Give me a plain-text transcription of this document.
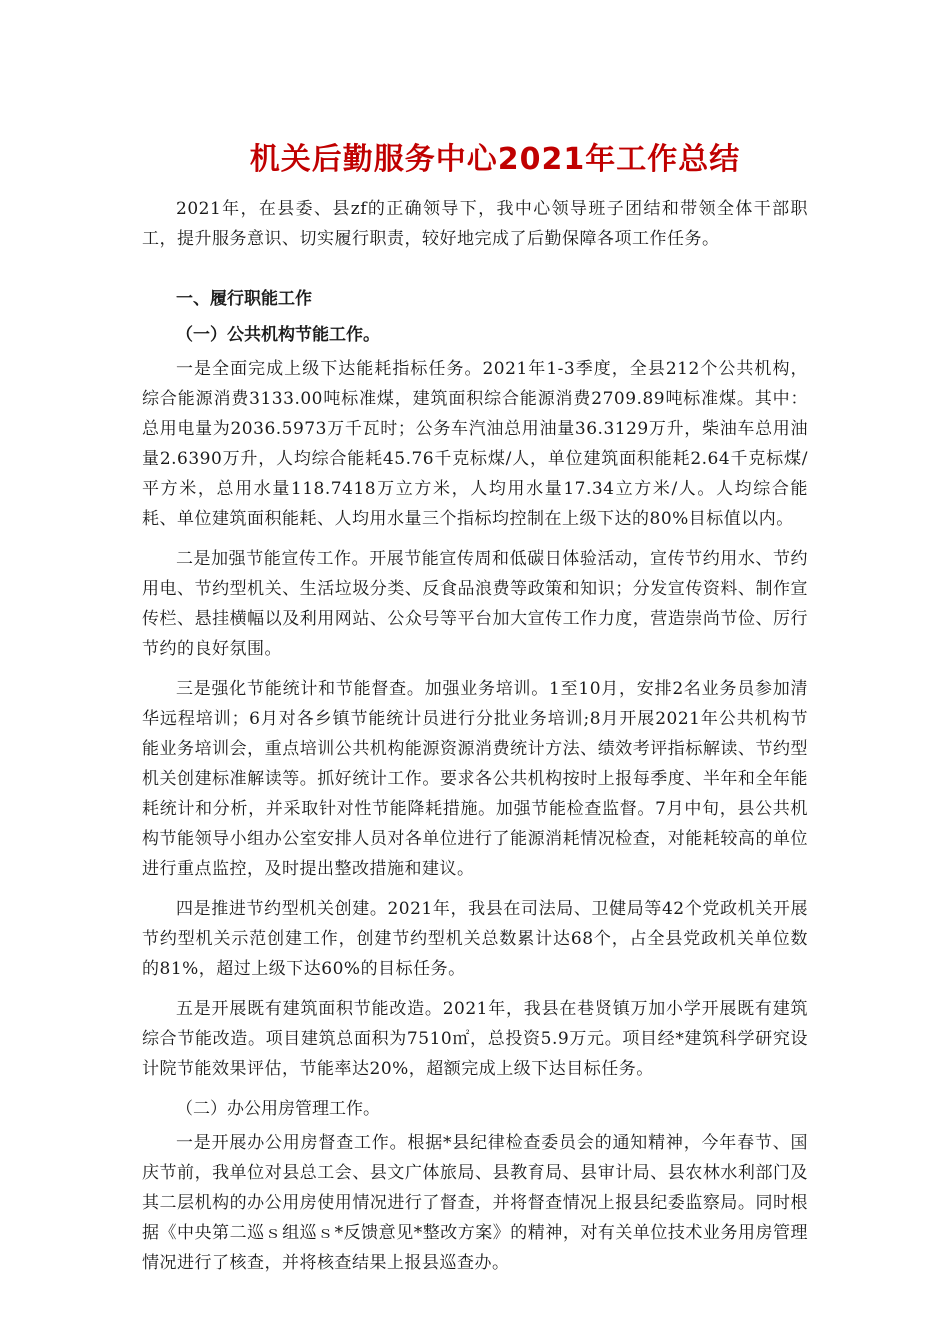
机关后勤服务中心2021年工作总结

2021年，在县委、县zf的正确领导下，我中心领导班子团结和带领全体干部职工，提升服务意识、切实履行职责，较好地完成了后勤保障各项工作任务。

一、履行职能工作

（一）公共机构节能工作。

一是全面完成上级下达能耗指标任务。2021年1-3季度，全县212个公共机构，综合能源消费3133.00吨标准煤，建筑面积综合能源消费2709.89吨标准煤。其中：总用电量为2036.5973万千瓦时；公务车汽油总用油量36.3129万升，柴油车总用油量2.6390万升，人均综合能耗45.76千克标煤/人，单位建筑面积能耗2.64千克标煤/平方米，总用水量118.7418万立方米，人均用水量17.34立方米/人。人均综合能耗、单位建筑面积能耗、人均用水量三个指标均控制在上级下达的80%目标值以内。

二是加强节能宣传工作。开展节能宣传周和低碳日体验活动，宣传节约用水、节约用电、节约型机关、生活垃圾分类、反食品浪费等政策和知识；分发宣传资料、制作宣传栏、悬挂横幅以及利用网站、公众号等平台加大宣传工作力度，营造崇尚节俭、厉行节约的良好氛围。

三是强化节能统计和节能督查。加强业务培训。1至10月，安排2名业务员参加清华远程培训；6月对各乡镇节能统计员进行分批业务培训;8月开展2021年公共机构节能业务培训会，重点培训公共机构能源资源消费统计方法、绩效考评指标解读、节约型机关创建标准解读等。抓好统计工作。要求各公共机构按时上报每季度、半年和全年能耗统计和分析，并采取针对性节能降耗措施。加强节能检查监督。7月中旬，县公共机构节能领导小组办公室安排人员对各单位进行了能源消耗情况检查，对能耗较高的单位进行重点监控，及时提出整改措施和建议。

四是推进节约型机关创建。2021年，我县在司法局、卫健局等42个党政机关开展节约型机关示范创建工作，创建节约型机关总数累计达68个，占全县党政机关单位数的81%，超过上级下达60%的目标任务。

五是开展既有建筑面积节能改造。2021年，我县在巷贤镇万加小学开展既有建筑综合节能改造。项目建筑总面积为7510㎡，总投资5.9万元。项目经*建筑科学研究设计院节能效果评估，节能率达20%，超额完成上级下达目标任务。

（二）办公用房管理工作。

一是开展办公用房督查工作。根据*县纪律检查委员会的通知精神，今年春节、国庆节前，我单位对县总工会、县文广体旅局、县教育局、县审计局、县农林水利部门及其二层机构的办公用房使用情况进行了督查，并将督查情况上报县纪委监察局。同时根据《中央第二巡ｓ组巡ｓ*反馈意见*整改方案》的精神，对有关单位技术业务用房管理情况进行了核查，并将核查结果上报县巡查办。
